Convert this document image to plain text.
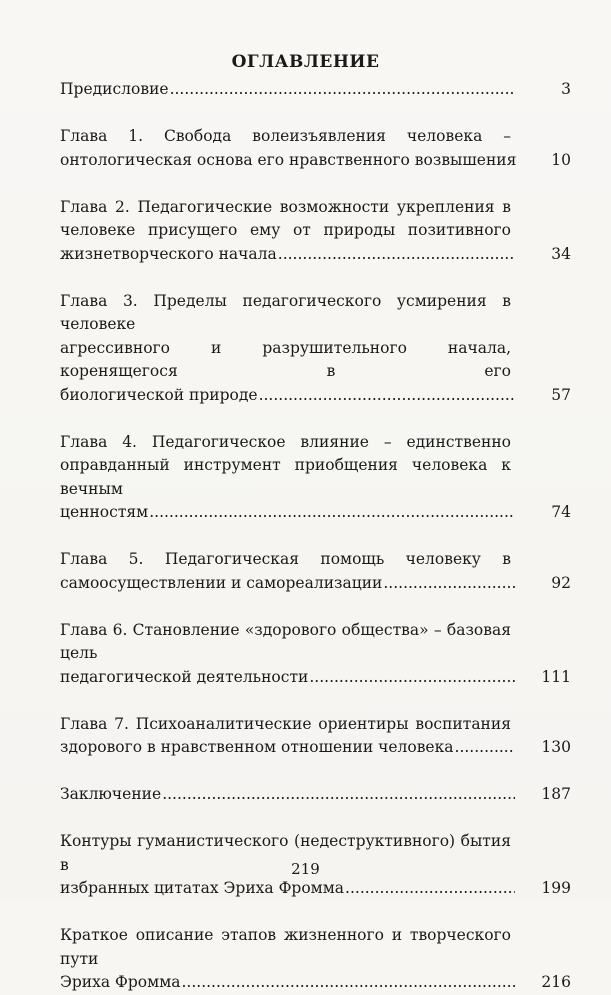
ОГЛАВЛЕНИЕ
Предисловие .....	3
Глава 1. Свобода волеизъявления человека –
онтологическая основа его нравственного возвышения	10
Глава 2. Педагогические возможности укрепления в
человеке присущего ему от природы позитивного
жизнетворческого начала .....	34
Глава 3. Пределы педагогического усмирения в человеке
агрессивного и разрушительного начала, коренящегося в его
биологической природе .....	57
Глава 4. Педагогическое влияние – единственно
оправданный инструмент приобщения человека к вечным
ценностям .....	74
Глава 5. Педагогическая помощь человеку в
самоосуществлении и самореализации .....	92
Глава 6. Становление «здорового общества» – базовая цель
педагогической деятельности .....	111
Глава 7. Психоаналитические ориентиры воспитания
здорового в нравственном отношении человека .....	130
Заключение .....	187
Контуры гуманистического (недеструктивного) бытия в
избранных цитатах Эриха Фромма .....	199
Краткое описание этапов жизненного и творческого пути
Эриха Фромма .....	216
219
